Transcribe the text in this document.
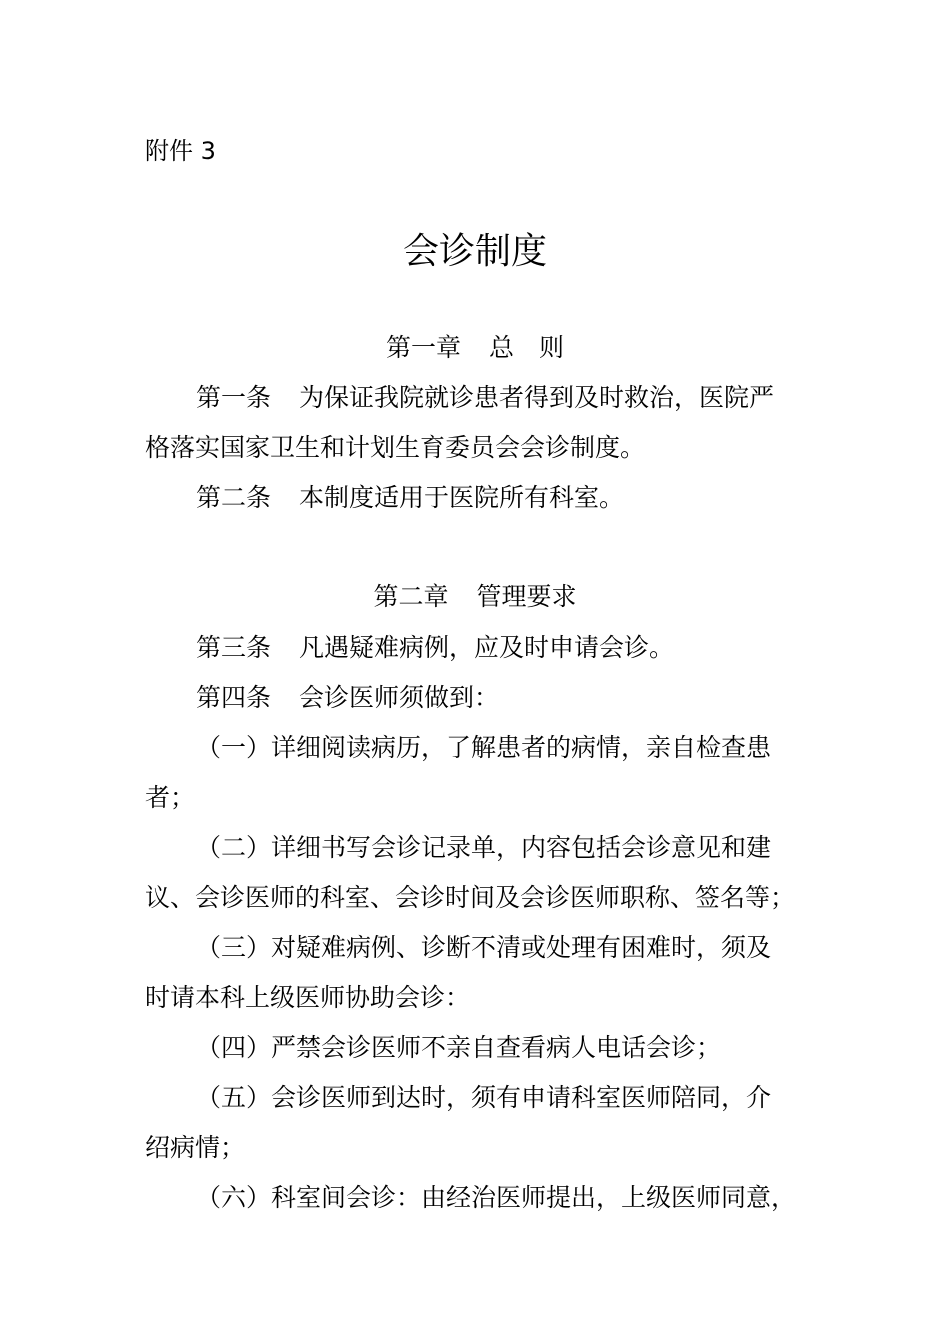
附件 3
会诊制度
第一章 总　则
第一条 为保证我院就诊患者得到及时救治，医院严
格落实国家卫生和计划生育委员会会诊制度。
第二条 本制度适用于医院所有科室。
第二章 管理要求
第三条 凡遇疑难病例，应及时申请会诊。
第四条 会诊医师须做到：
（一）详细阅读病历，了解患者的病情，亲自检查患
者；
（二）详细书写会诊记录单，内容包括会诊意见和建
议、会诊医师的科室、会诊时间及会诊医师职称、签名等；
（三）对疑难病例、诊断不清或处理有困难时，须及
时请本科上级医师协助会诊：
（四）严禁会诊医师不亲自查看病人电话会诊；
（五）会诊医师到达时，须有申请科室医师陪同，介
绍病情；
（六）科室间会诊：由经治医师提出，上级医师同意，
